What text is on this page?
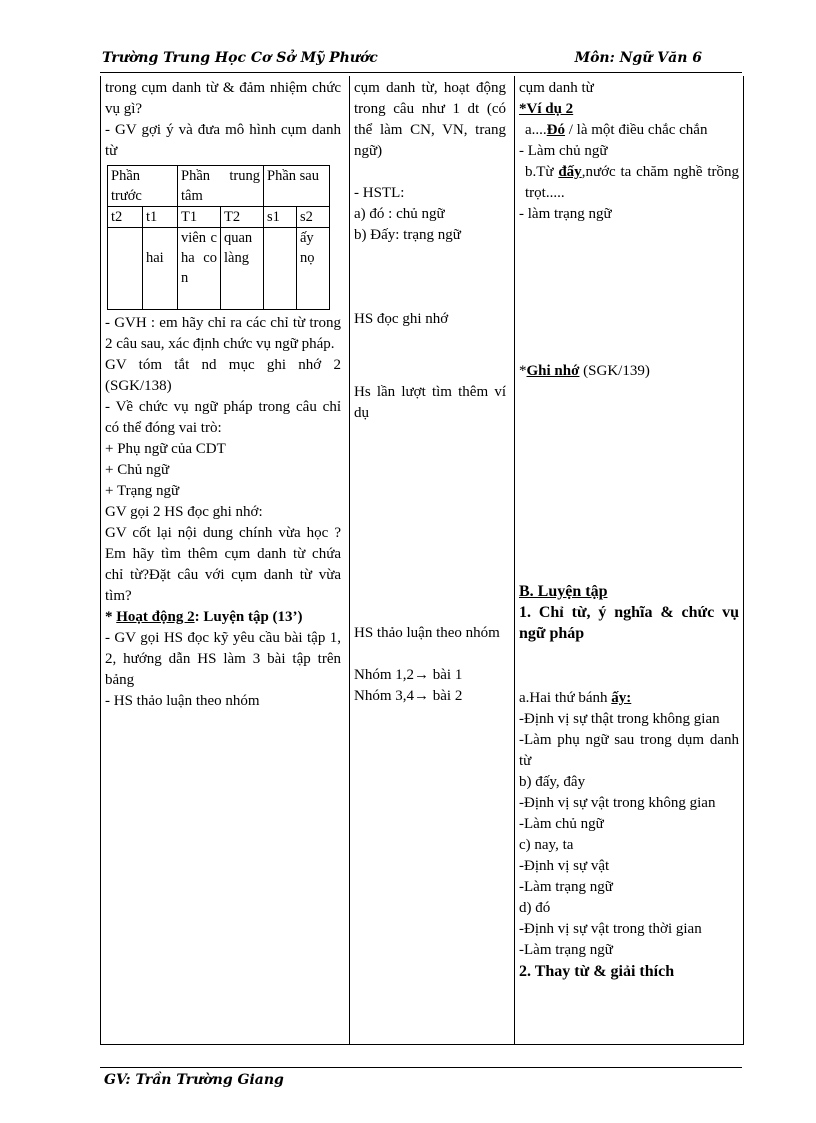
Trường Trung Học Cơ Sở Mỹ Phước	Môn: Ngữ Văn 6

trong cụm danh từ & đảm nhiệm chức vụ gì?

- GV gợi ý và đưa mô hình cụm danh từ

Phần trước		Phần trung tâm		Phần sau	
t2	t1	T1	T2	s1	s2
	hai	viên cha con	quan làng		ấy nọ

- GVH : em hãy chỉ ra các chỉ từ trong 2 câu sau, xác định chức vụ ngữ pháp.

GV tóm tắt nd mục ghi nhớ 2 (SGK/138)

- Về chức vụ ngữ pháp trong câu chỉ có thể đóng vai trò:

+ Phụ ngữ của CDT

+ Chủ ngữ

+ Trạng ngữ

GV gọi 2 HS đọc ghi nhớ:

GV cốt lại nội dung chính vừa học ?Em hãy tìm thêm cụm danh từ chứa chỉ từ?Đặt câu với cụm danh từ vừa tìm?

* Hoạt động 2: Luyện tập (13’)

- GV gọi HS đọc kỹ yêu cầu bài tập 1, 2, hướng dẫn HS làm 3 bài tập trên bảng

- HS thảo luận theo nhóm

cụm danh từ, hoạt động trong câu như 1 dt (có thể làm CN, VN, trang ngữ)

- HSTL:

a) đó : chủ ngữ

b) Đấy: trạng ngữ

HS đọc ghi nhớ

Hs lần lượt tìm thêm ví dụ

HS thảo luận theo nhóm

Nhóm 1,2→ bài 1

Nhóm 3,4→ bài 2

cụm danh từ

*Ví dụ 2

a....Đó / là một điều chắc chắn

- Làm chủ ngữ

b.Từ đấy,nước ta chăm nghề trồng trọt.....

- làm trạng ngữ

*Ghi nhớ (SGK/139)

B. Luyện tập

1. Chỉ từ, ý nghĩa & chức vụ ngữ pháp

a.Hai thứ bánh ấy:

-Định vị sự thật trong không gian

-Làm phụ ngữ sau trong dụm danh từ

b) đấy, đây

-Định vị sự vật trong không gian

-Làm chủ ngữ

c) nay, ta

-Định vị sự vật

-Làm trạng ngữ

d) đó

-Định vị sự vật trong thời gian

-Làm trạng ngữ

2. Thay từ & giải thích

GV: Trần Trường Giang
